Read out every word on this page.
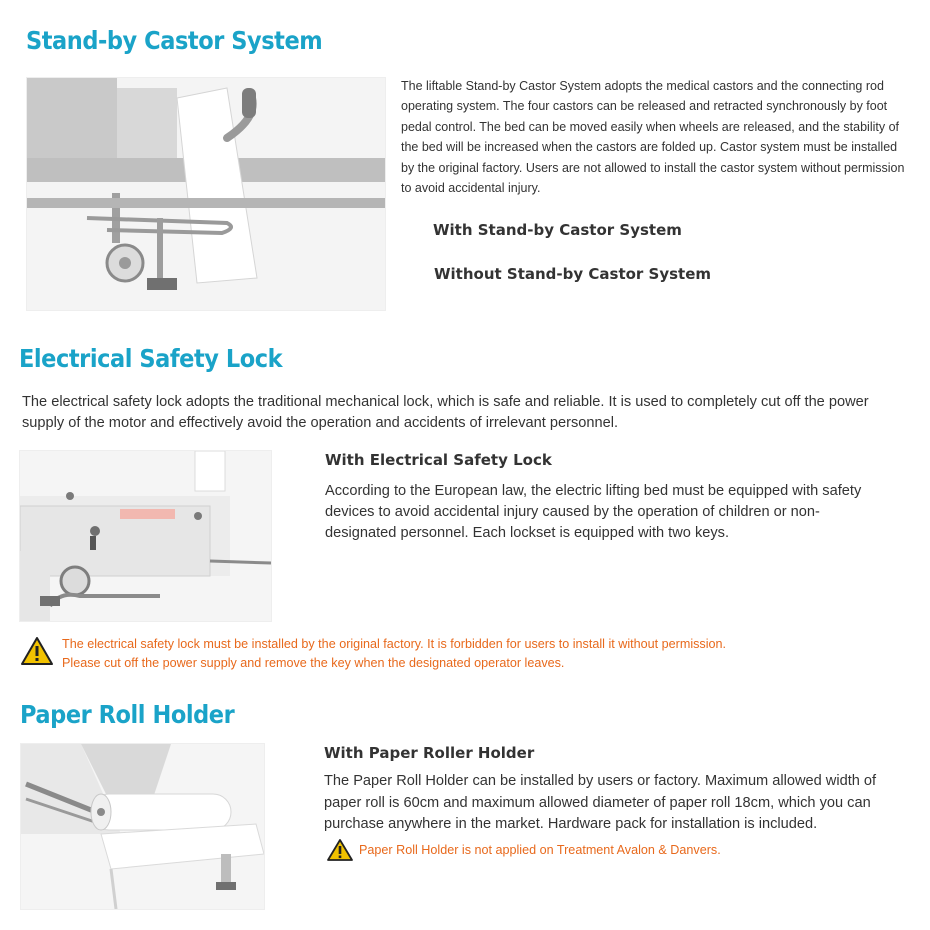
Stand-by Castor System
The liftable Stand-by Castor System adopts the medical castors and the connecting rod operating system. The four castors can be released and retracted synchronously by foot pedal control. The bed can be moved easily when wheels are released, and the stability of the bed will be increased when the castors are folded up. Castor system must be installed by the original factory. Users are not allowed to install the castor system without permission to avoid accidental injury.
With Stand-by Castor System
Without Stand-by Castor System
Electrical Safety Lock
The electrical safety lock adopts the traditional mechanical lock, which is safe and reliable. It is used to completely cut off the power supply of the motor and effectively avoid the operation and accidents of irrelevant personnel.
With Electrical Safety Lock
According to the European law, the electric lifting bed must be equipped with safety devices to avoid accidental injury caused by the operation of children or non-designated personnel. Each lockset is equipped with two keys.
The electrical safety lock must be installed by the original factory. It is forbidden for users to install it without permission.
Please cut off the power supply and remove the key when the designated operator leaves.
Paper Roll Holder
With Paper Roller Holder
The Paper Roll Holder can be installed by users or factory. Maximum allowed width of paper roll is 60cm and maximum allowed diameter of paper roll 18cm, which you can purchase anywhere in the market. Hardware pack for installation is included.
Paper Roll Holder is not applied on Treatment Avalon & Danvers.
